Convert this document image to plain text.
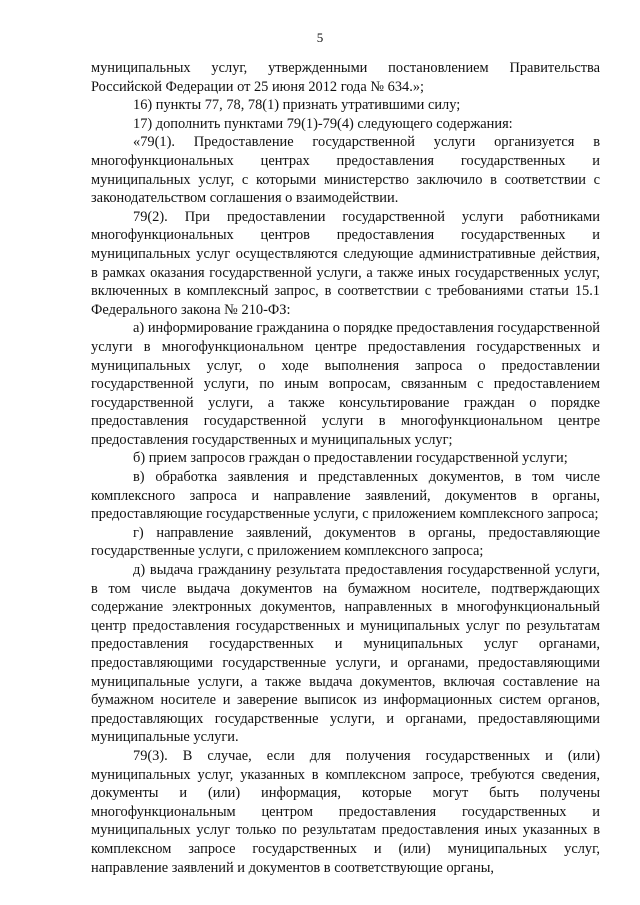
5

муниципальных услуг, утвержденными постановлением Правительства Российской Федерации от 25 июня 2012 года № 634.»;

16) пункты 77, 78, 78(1) признать утратившими силу;

17) дополнить пунктами 79(1)-79(4) следующего содержания:

«79(1). Предоставление государственной услуги организуется в многофункциональных центрах предоставления государственных и муниципальных услуг, с которыми министерство заключило в соответствии с законодательством соглашения о взаимодействии.

79(2). При предоставлении государственной услуги работниками многофункциональных центров предоставления государственных и муниципальных услуг осуществляются следующие административные действия, в рамках оказания государственной услуги, а также иных государственных услуг, включенных в комплексный запрос, в соответствии с требованиями статьи 15.1 Федерального закона № 210-ФЗ:

а) информирование гражданина о порядке предоставления государственной услуги в многофункциональном центре предоставления государственных и муниципальных услуг, о ходе выполнения запроса о предоставлении государственной услуги, по иным вопросам, связанным с предоставлением государственной услуги, а также консультирование граждан о порядке предоставления государственной услуги в многофункциональном центре предоставления государственных и муниципальных услуг;

б) прием запросов граждан о предоставлении государственной услуги;

в) обработка заявления и представленных документов, в том числе комплексного запроса и направление заявлений, документов в органы, предоставляющие государственные услуги, с приложением комплексного запроса;

г) направление заявлений, документов в органы, предоставляющие государственные услуги, с приложением комплексного запроса;

д) выдача гражданину результата предоставления государственной услуги, в том числе выдача документов на бумажном носителе, подтверждающих содержание электронных документов, направленных в многофункциональный центр предоставления государственных и муниципальных услуг по результатам предоставления государственных и муниципальных услуг органами, предоставляющими государственные услуги, и органами, предоставляющими муниципальные услуги, а также выдача документов, включая составление на бумажном носителе и заверение выписок из информационных систем органов, предоставляющих государственные услуги, и органами, предоставляющими муниципальные услуги.

79(3). В случае, если для получения государственных и (или) муниципальных услуг, указанных в комплексном запросе, требуются сведения, документы и (или) информация, которые могут быть получены многофункциональным центром предоставления государственных и муниципальных услуг только по результатам предоставления иных указанных в комплексном запросе государственных и (или) муниципальных услуг, направление заявлений и документов в соответствующие органы,
